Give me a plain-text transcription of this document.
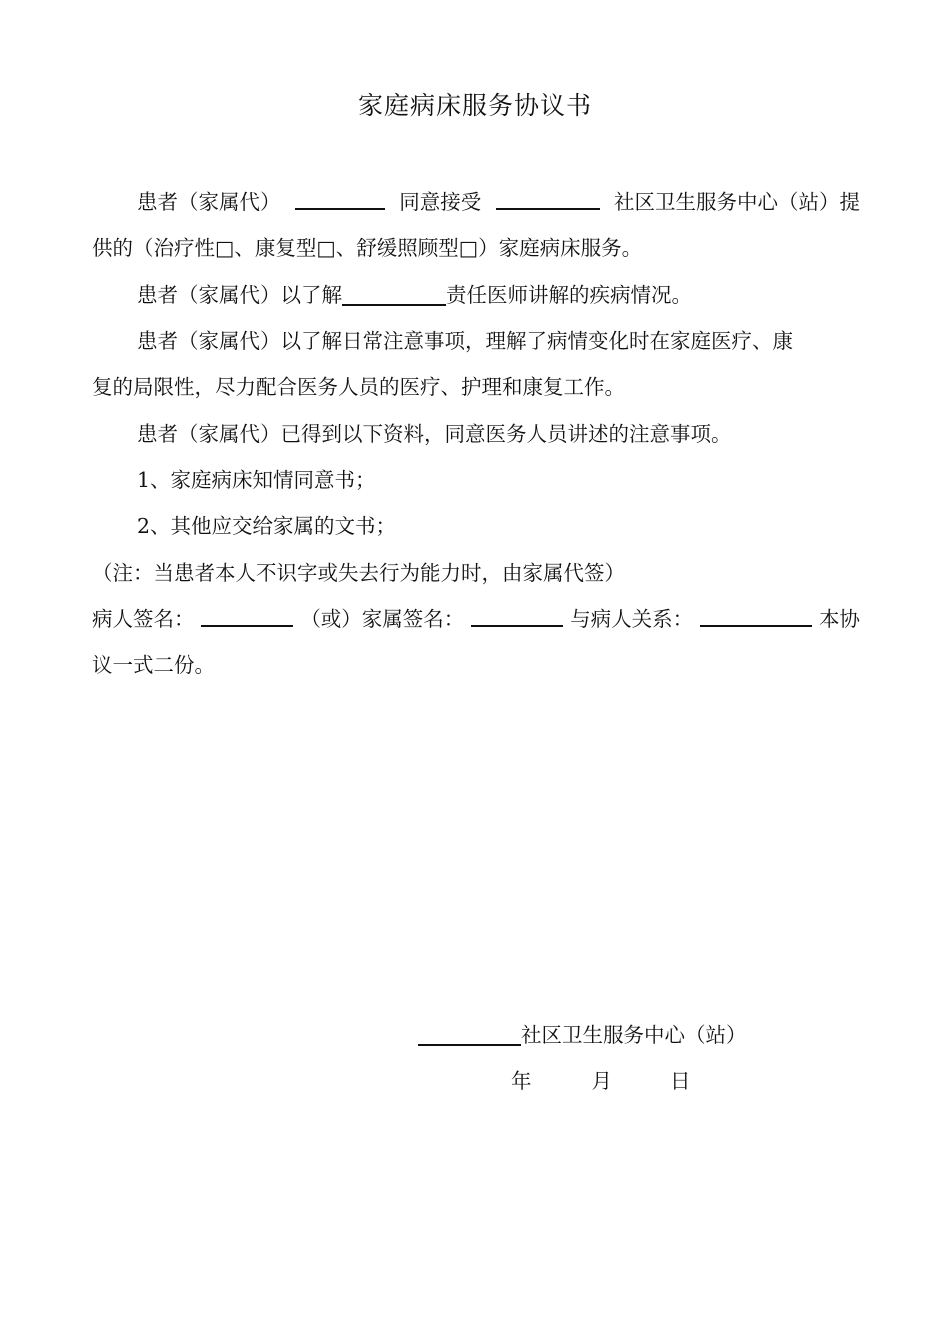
家庭病床服务协议书
患者（家属代）	同意接受	社区卫生服务中心（站）提
供的（治疗性□、康复型□、舒缓照顾型□）家庭病床服务。
患者（家属代）以了解	责任医师讲解的疾病情况。
患者（家属代）以了解日常注意事项，理解了病情变化时在家庭医疗、康
复的局限性，尽力配合医务人员的医疗、护理和康复工作。
患者（家属代）已得到以下资料，同意医务人员讲述的注意事项。
1、家庭病床知情同意书；
2、其他应交给家属的文书；
（注：当患者本人不识字或失去行为能力时，由家属代签）
病人签名：	（或）家属签名：	与病人关系：	本协
议一式二份。
社区卫生服务中心（站）
年	月	日
